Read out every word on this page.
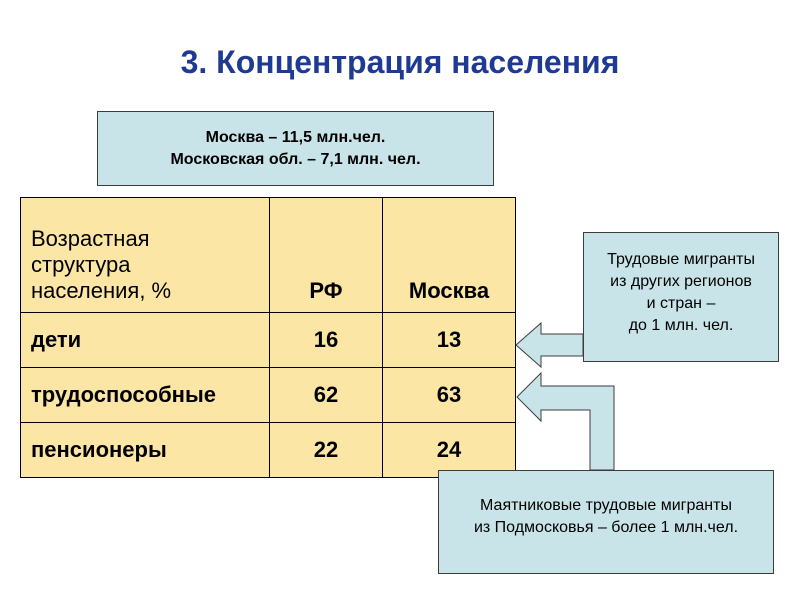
3. Концентрация населения
Москва – 11,5 млн.чел.
Московская обл. – 7,1 млн. чел.
Возрастная
структура
населения, %	РФ	Москва
дети	16	13
трудоспособные	62	63
пенсионеры	22	24
Трудовые мигранты
из других регионов
и стран –
до 1 млн. чел.
Маятниковые трудовые мигранты
из Подмосковья – более 1 млн.чел.
